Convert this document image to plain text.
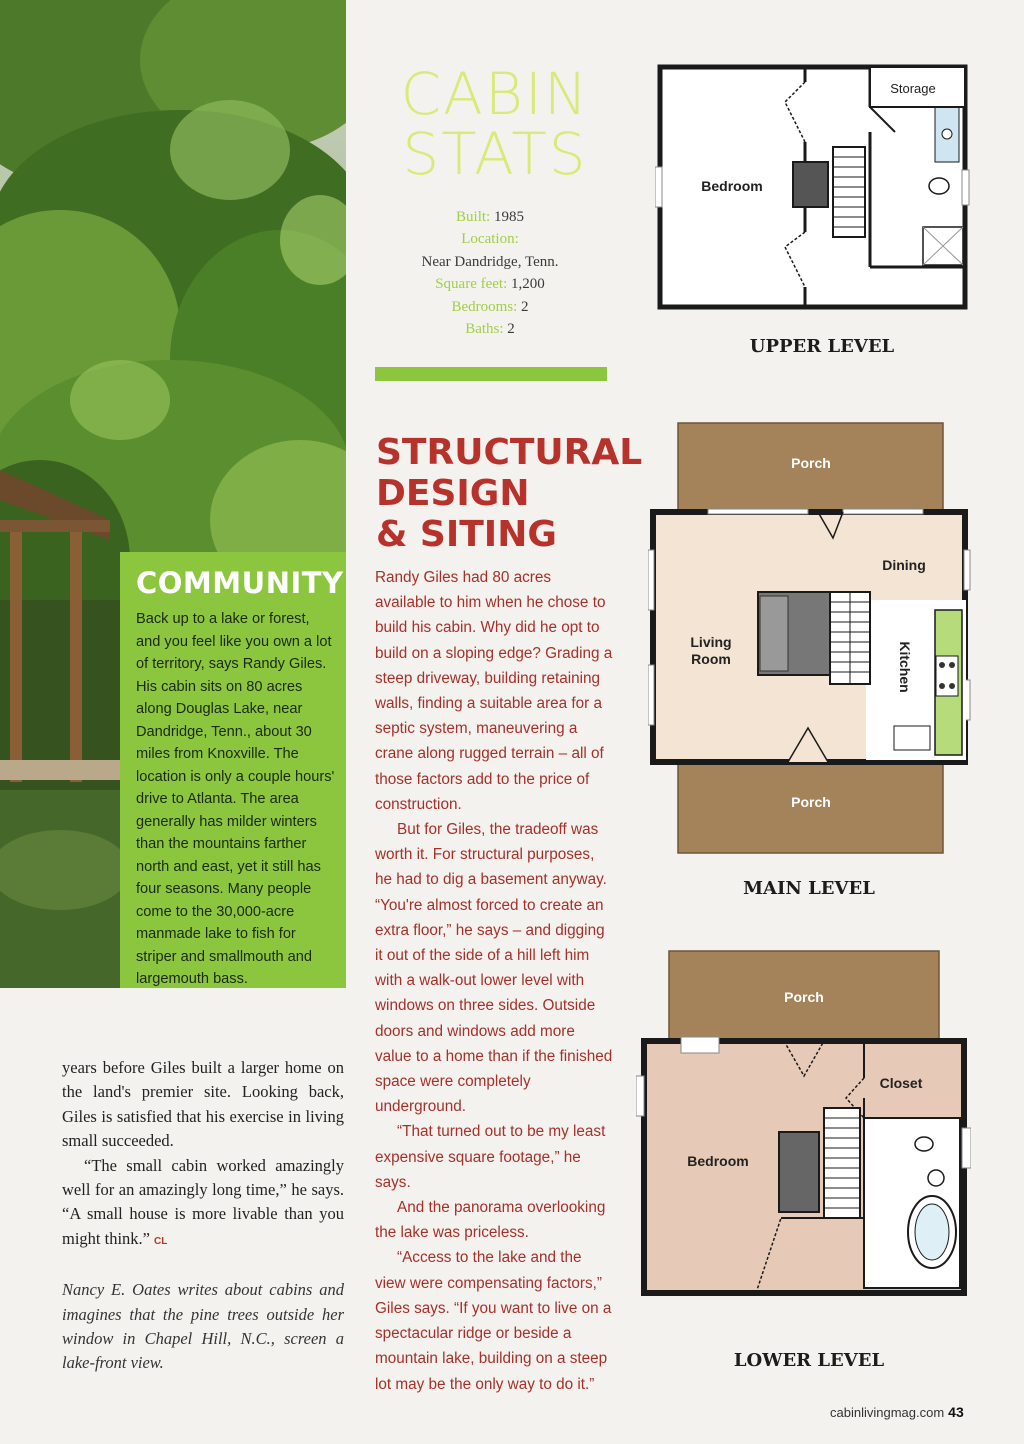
COMMUNITY

Back up to a lake or forest, and you feel like you own a lot of territory, says Randy Giles. His cabin sits on 80 acres along Douglas Lake, near Dandridge, Tenn., about 30 miles from Knoxville. The location is only a couple hours' drive to Atlanta. The area generally has milder winters than the mountains farther north and east, yet it still has four seasons. Many people come to the 30,000-acre manmade lake to fish for striper and smallmouth and largemouth bass.

years before Giles built a larger home on the land's premier site. Looking back, Giles is satisfied that his exercise in living small succeeded.

“The small cabin worked amazingly well for an amazingly long time,” he says. “A small house is more livable than you might think.” CL

Nancy E. Oates writes about cabins and imagines that the pine trees outside her window in Chapel Hill, N.C., screen a lake-front view.

CABIN
STATS
Built: 1985
Location:
Near Dandridge, Tenn.
Square feet: 1,200
Bedrooms: 2
Baths: 2
STRUCTURAL
DESIGN
& SITING

Randy Giles had 80 acres available to him when he chose to build his cabin. Why did he opt to build on a sloping edge? Grading a steep driveway, building retaining walls, finding a suitable area for a septic system, maneuvering a crane along rugged terrain – all of those factors add to the price of construction.

But for Giles, the tradeoff was worth it. For structural purposes, he had to dig a basement anyway. “You're almost forced to create an extra floor,” he says – and digging it out of the side of a hill left him with a walk-out lower level with windows on three sides. Outside doors and windows add more value to a home than if the finished space were completely underground.

“That turned out to be my least expensive square footage,” he says.

And the panorama overlooking the lake was priceless.

“Access to the lake and the view were compensating factors,” Giles says. “If you want to live on a spectacular ridge or beside a mountain lake, building on a steep lot may be the only way to do it.”

Storage
Bedroom
UPPER LEVEL
Porch
Porch
Dining
Living
Room	Kitchen
MAIN LEVEL
Porch
Closet
Bedroom
LOWER LEVEL
cabinlivingmag.com 43
